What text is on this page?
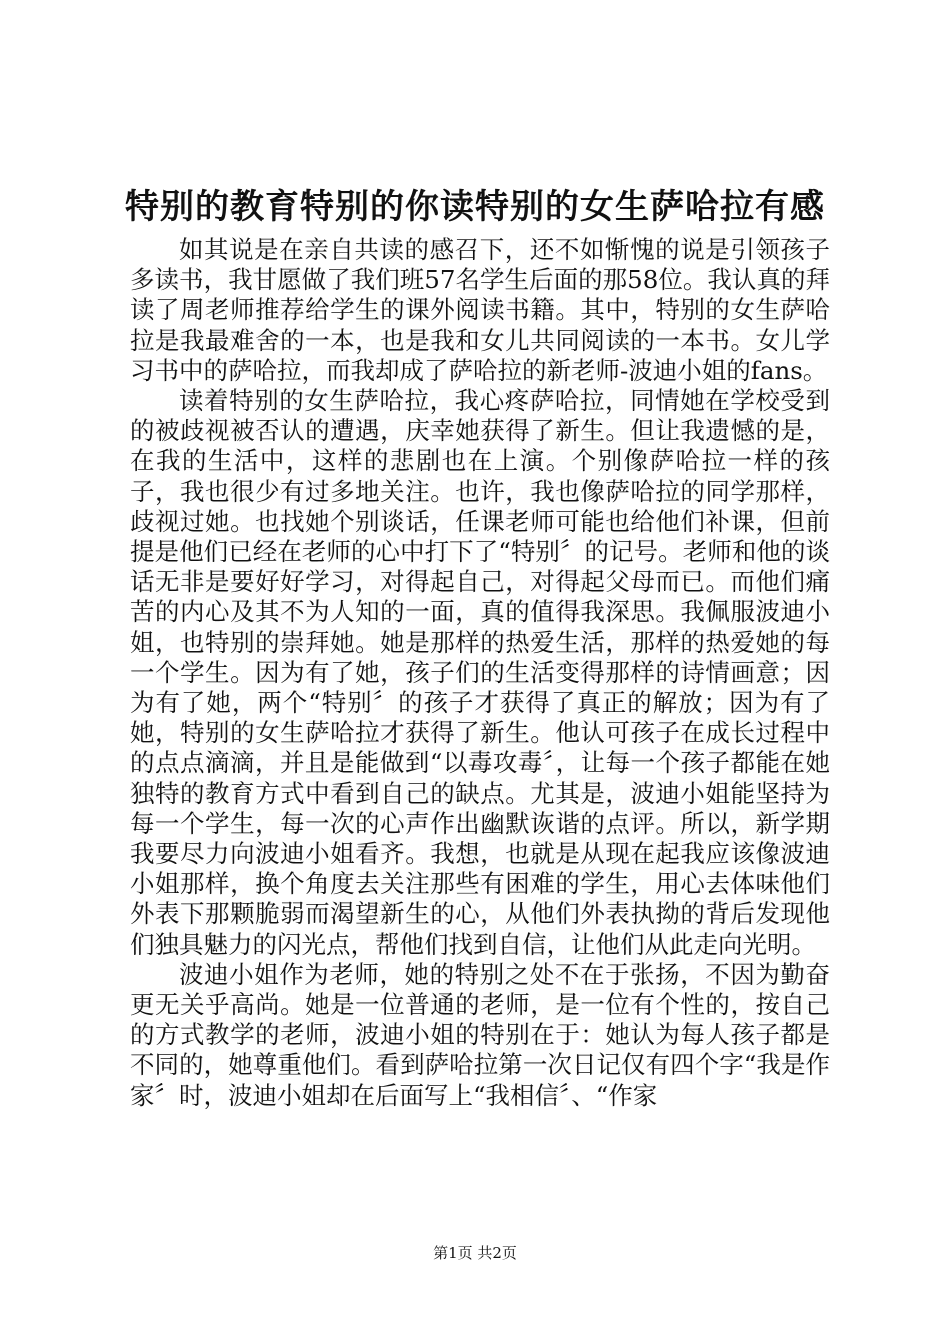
特别的教育特别的你读特别的女生萨哈拉有感

如其说是在亲自共读的感召下，还不如惭愧的说是引领孩子多读书，我甘愿做了我们班57名学生后面的那58位。我认真的拜读了周老师推荐给学生的课外阅读书籍。其中，特别的女生萨哈拉是我最难舍的一本，也是我和女儿共同阅读的一本书。女儿学习书中的萨哈拉，而我却成了萨哈拉的新老师-波迪小姐的fans。

读着特别的女生萨哈拉，我心疼萨哈拉，同情她在学校受到的被歧视被否认的遭遇，庆幸她获得了新生。但让我遗憾的是，在我的生活中，这样的悲剧也在上演。个别像萨哈拉一样的孩子，我也很少有过多地关注。也许，我也像萨哈拉的同学那样，歧视过她。也找她个别谈话，任课老师可能也给他们补课，但前提是他们已经在老师的心中打下了“特别〞的记号。老师和他的谈话无非是要好好学习，对得起自己，对得起父母而已。而他们痛苦的内心及其不为人知的一面，真的值得我深思。我佩服波迪小姐，也特别的崇拜她。她是那样的热爱生活，那样的热爱她的每一个学生。因为有了她，孩子们的生活变得那样的诗情画意；因为有了她，两个“特别〞的孩子才获得了真正的解放；因为有了她，特别的女生萨哈拉才获得了新生。他认可孩子在成长过程中的点点滴滴，并且是能做到“以毒攻毒〞，让每一个孩子都能在她独特的教育方式中看到自己的缺点。尤其是，波迪小姐能坚持为每一个学生，每一次的心声作出幽默诙谐的点评。所以，新学期我要尽力向波迪小姐看齐。我想，也就是从现在起我应该像波迪小姐那样，换个角度去关注那些有困难的学生，用心去体味他们外表下那颗脆弱而渴望新生的心，从他们外表执拗的背后发现他们独具魅力的闪光点，帮他们找到自信，让他们从此走向光明。

波迪小姐作为老师，她的特别之处不在于张扬，不因为勤奋更无关乎高尚。她是一位普通的老师，是一位有个性的，按自己的方式教学的老师，波迪小姐的特别在于：她认为每人孩子都是不同的，她尊重他们。看到萨哈拉第一次日记仅有四个字“我是作家〞时，波迪小姐却在后面写上“我相信〞、“作家

第1页 共2页
